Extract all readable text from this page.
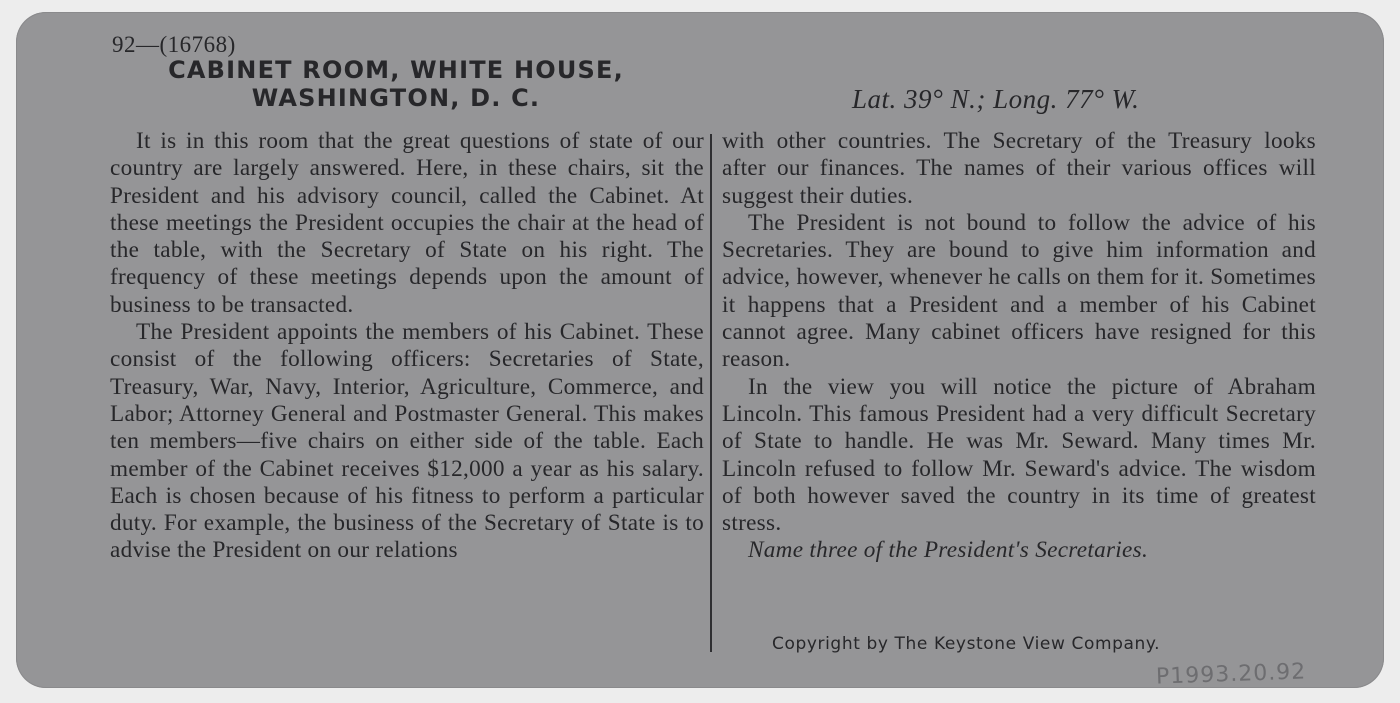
92—(16768)
CABINET ROOM, WHITE HOUSE,
WASHINGTON, D. C.	Lat. 39° N.; Long. 77° W.

It is in this room that the great questions of state of our country are largely answered. Here, in these chairs, sit the President and his advisory council, called the Cabinet. At these meetings the President occupies the chair at the head of the table, with the Secretary of State on his right. The frequency of these meetings depends upon the amount of business to be transacted.

The President appoints the members of his Cabinet. These consist of the following officers: Secretaries of State, Treasury, War, Navy, Interior, Agriculture, Commerce, and Labor; Attorney General and Postmaster General. This makes ten members—five chairs on either side of the table. Each member of the Cabinet receives $12,000 a year as his salary. Each is chosen because of his fitness to perform a particular duty. For example, the business of the Secretary of State is to advise the President on our relations

with other countries. The Secretary of the Treasury looks after our finances. The names of their various offices will suggest their duties.

The President is not bound to follow the advice of his Secretaries. They are bound to give him information and advice, however, whenever he calls on them for it. Sometimes it happens that a President and a member of his Cabinet cannot agree. Many cabinet officers have resigned for this reason.

In the view you will notice the picture of Abraham Lincoln. This famous President had a very difficult Secretary of State to handle. He was Mr. Seward. Many times Mr. Lincoln refused to follow Mr. Seward's advice. The wisdom of both however saved the country in its time of greatest stress.

Name three of the President's Secretaries.

Copyright by The Keystone View Company.
P1993.20.92
